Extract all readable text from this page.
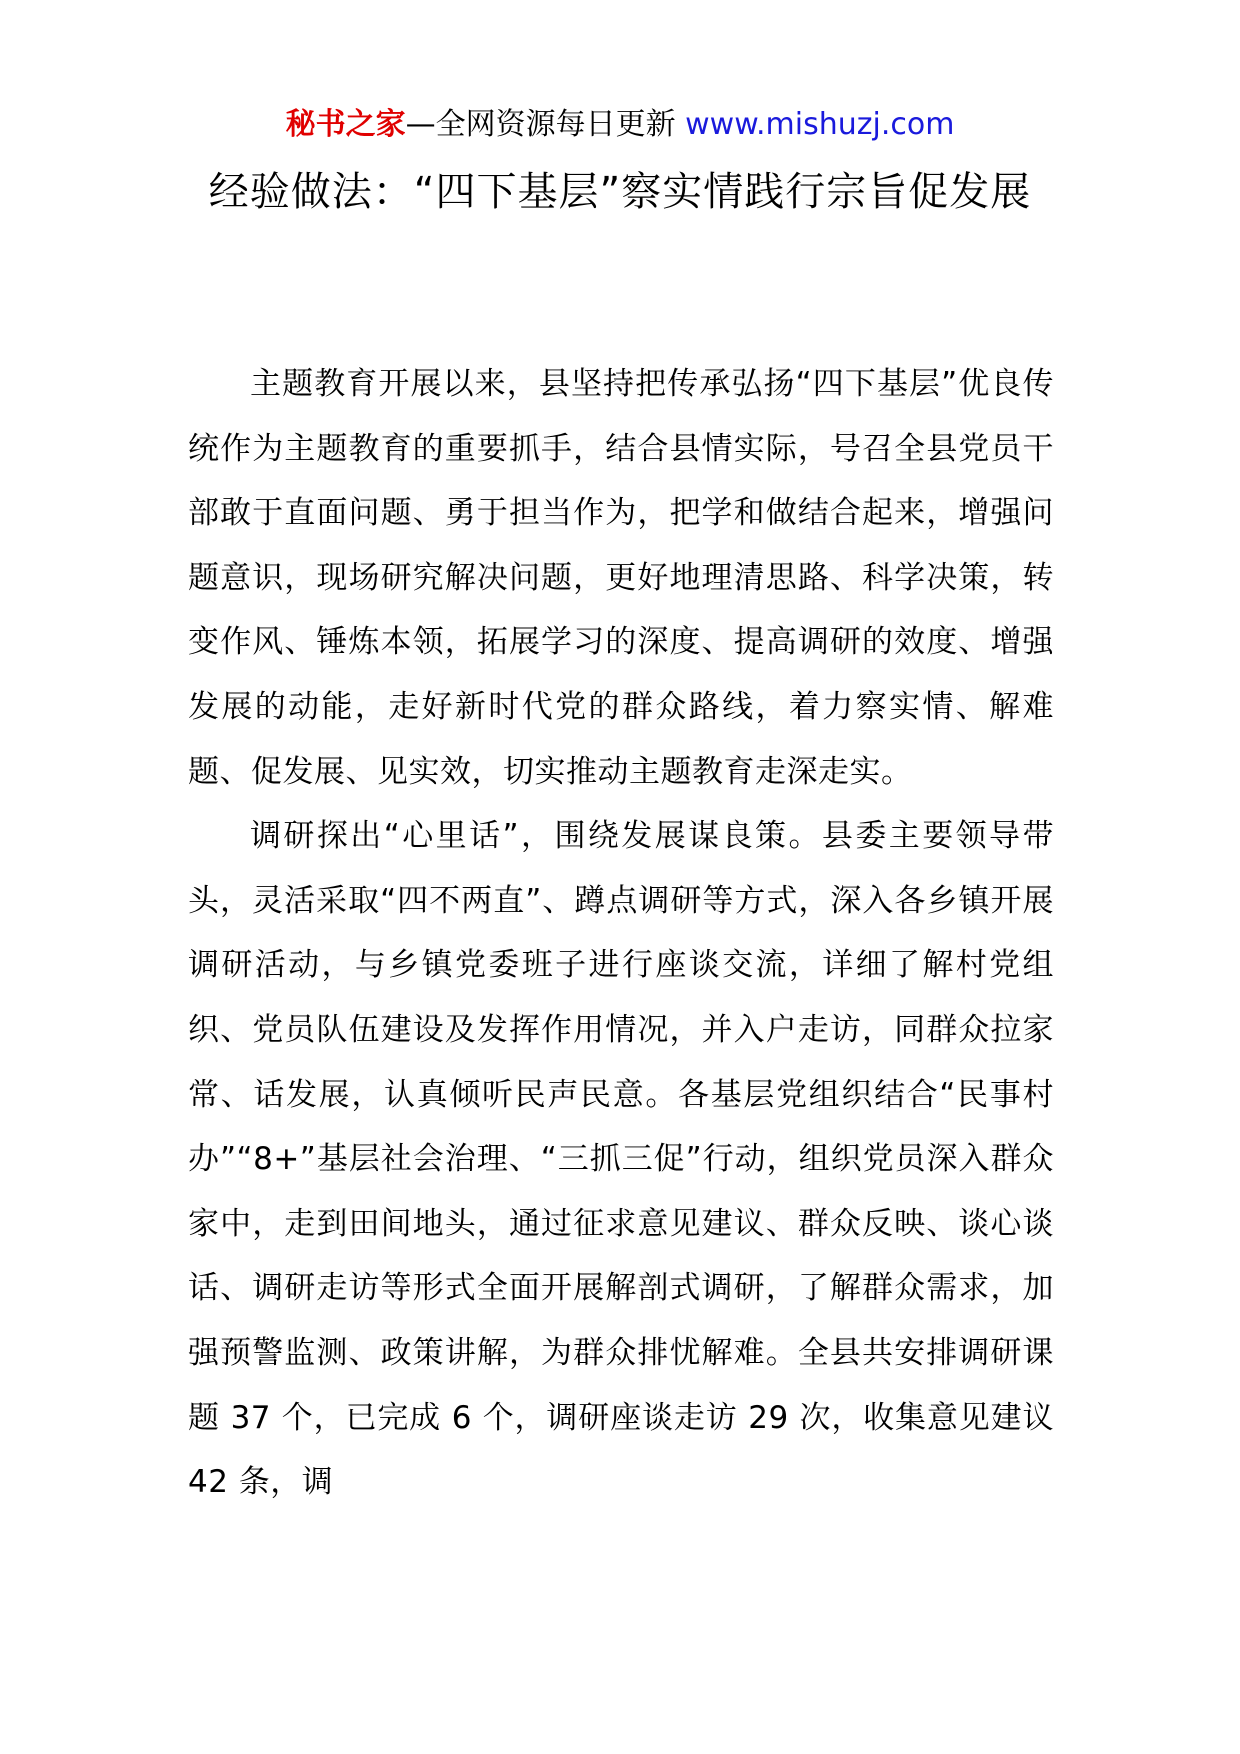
秘书之家—全网资源每日更新 www.mishuzj.com
经验做法：“四下基层”察实情践行宗旨促发展

主题教育开展以来，县坚持把传承弘扬“四下基层”优良传统作为主题教育的重要抓手，结合县情实际，号召全县党员干部敢于直面问题、勇于担当作为，把学和做结合起来，增强问题意识，现场研究解决问题，更好地理清思路、科学决策，转变作风、锤炼本领，拓展学习的深度、提高调研的效度、增强发展的动能，走好新时代党的群众路线，着力察实情、解难题、促发展、见实效，切实推动主题教育走深走实。

调研探出“心里话”，围绕发展谋良策。县委主要领导带头，灵活采取“四不两直”、蹲点调研等方式，深入各乡镇开展调研活动，与乡镇党委班子进行座谈交流，详细了解村党组织、党员队伍建设及发挥作用情况，并入户走访，同群众拉家常、话发展，认真倾听民声民意。各基层党组织结合“民事村办”“8+”基层社会治理、“三抓三促”行动，组织党员深入群众家中，走到田间地头，通过征求意见建议、群众反映、谈心谈话、调研走访等形式全面开展解剖式调研，了解群众需求，加强预警监测、政策讲解，为群众排忧解难。全县共安排调研课题 37 个，已完成 6 个，调研座谈走访 29 次，收集意见建议 42 条，调
